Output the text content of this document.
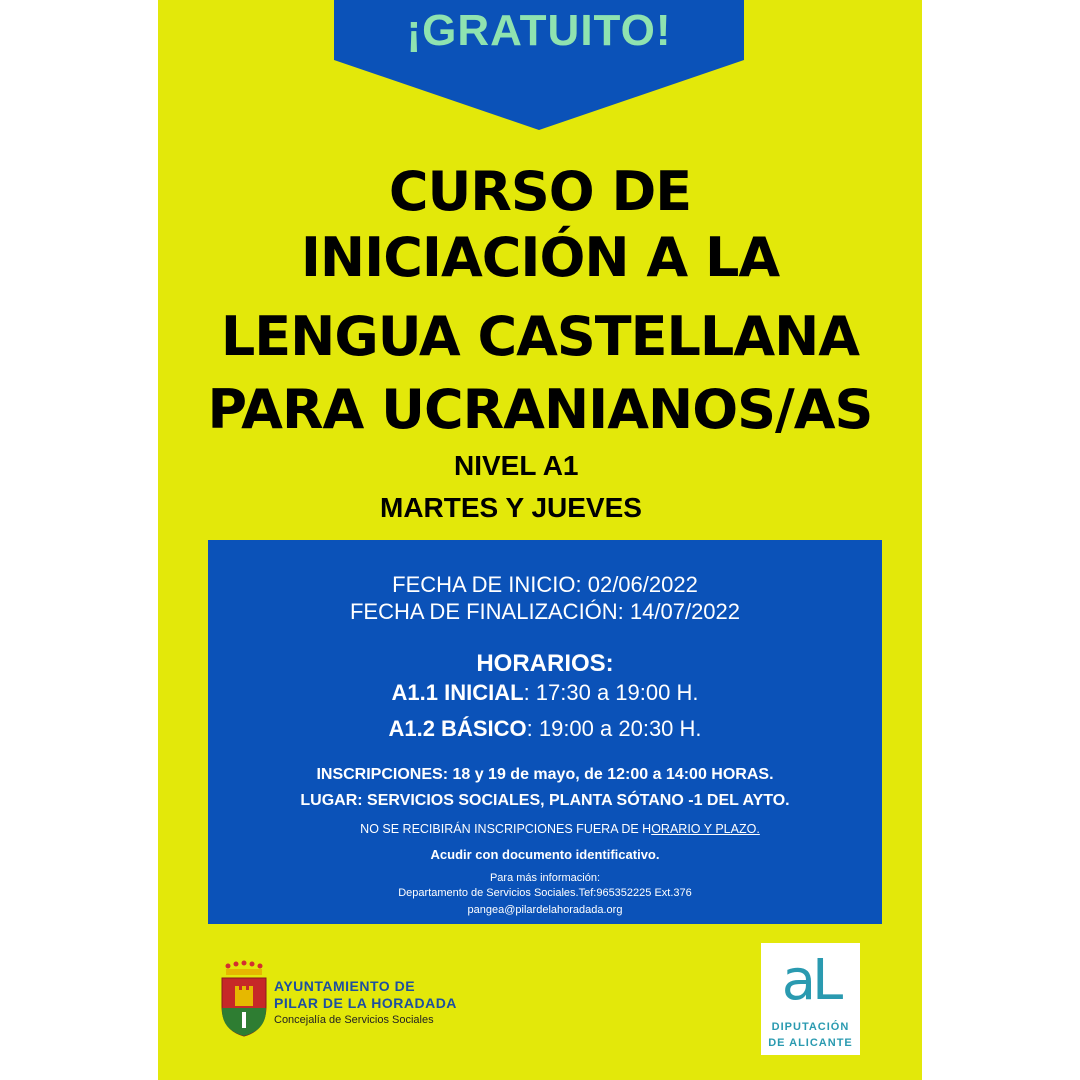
¡GRATUITO!
CURSO DE
INICIACIÓN A LA
LENGUA CASTELLANA
PARA UCRANIANOS/AS
NIVEL A1
MARTES Y JUEVES
FECHA DE INICIO: 02/06/2022
FECHA DE FINALIZACIÓN: 14/07/2022
HORARIOS:
A1.1 INICIAL: 17:30 a 19:00 H.
A1.2 BÁSICO: 19:00 a 20:30 H.
INSCRIPCIONES: 18 y 19 de mayo, de 12:00 a 14:00 HORAS.
LUGAR: SERVICIOS SOCIALES, PLANTA SÓTANO -1 DEL AYTO.
NO SE RECIBIRÁN INSCRIPCIONES FUERA DE HORARIO Y PLAZO.
Acudir con documento identificativo.
Para más información:
Departamento de Servicios Sociales.Tef:965352225 Ext.376
pangea@pilardelahoradada.org
AYUNTAMIENTO DE
PILAR DE LA HORADADA
Concejalía de Servicios Sociales
aL
DIPUTACIÓN
DE ALICANTE
